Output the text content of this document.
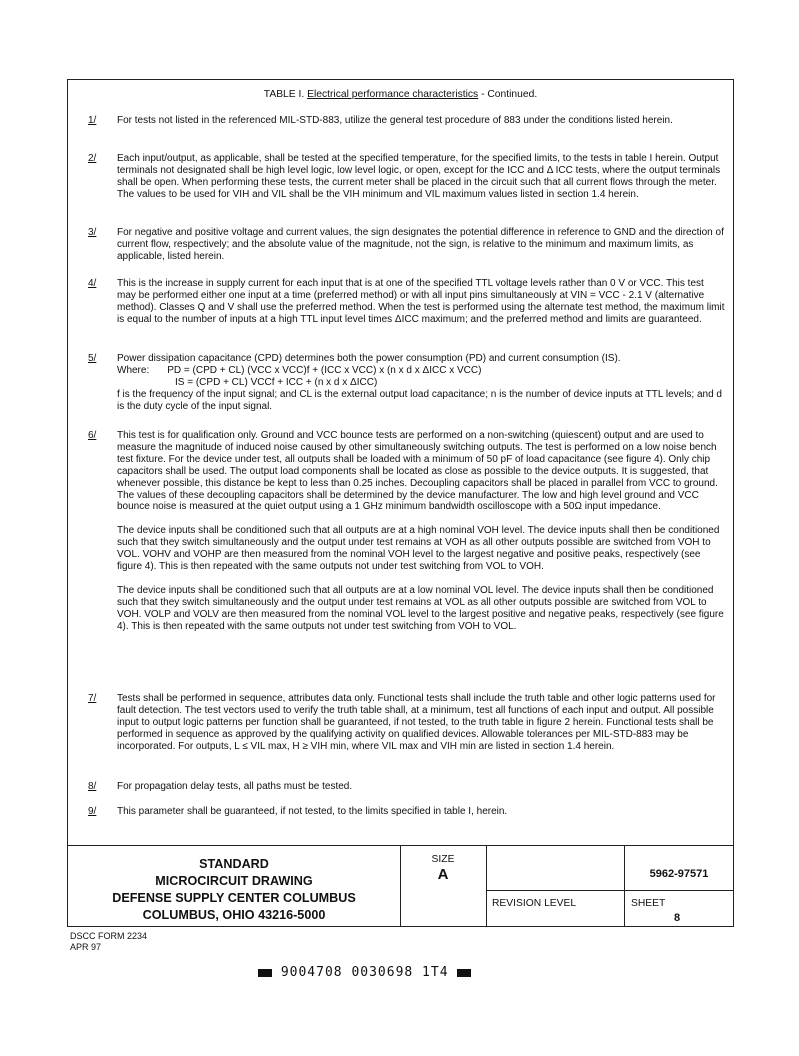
TABLE I. Electrical performance characteristics - Continued.
1/ For tests not listed in the referenced MIL-STD-883, utilize the general test procedure of 883 under the conditions listed herein.

2/ Each input/output, as applicable, shall be tested at the specified temperature, for the specified limits, to the tests in table I herein. Output terminals not designated shall be high level logic, low level logic, or open, except for the ICC and Δ ICC tests, where the output terminals shall be open. When performing these tests, the current meter shall be placed in the circuit such that all current flows through the meter. The values to be used for VIH and VIL shall be the VIH minimum and VIL maximum values listed in section 1.4 herein.

3/ For negative and positive voltage and current values, the sign designates the potential difference in reference to GND and the direction of current flow, respectively; and the absolute value of the magnitude, not the sign, is relative to the minimum and maximum limits, as applicable, listed herein.

4/ This is the increase in supply current for each input that is at one of the specified TTL voltage levels rather than 0 V or VCC. This test may be performed either one input at a time (preferred method) or with all input pins simultaneously at VIN = VCC - 2.1 V (alternative method). Classes Q and V shall use the preferred method. When the test is performed using the alternate test method, the maximum limit is equal to the number of inputs at a high TTL input level times ΔICC maximum; and the preferred method and limits are guaranteed.

5/ Power dissipation capacitance (CPD) determines both the power consumption (PD) and current consumption (IS).

Where: PD = (CPD + CL) (VCC x VCC)f + (ICC x VCC) x (n x d x ΔICC x VCC)

IS = (CPD + CL) VCCf + ICC + (n x d x ΔICC)

f is the frequency of the input signal; and CL is the external output load capacitance; n is the number of device inputs at TTL levels; and d is the duty cycle of the input signal.

6/ This test is for qualification only. Ground and VCC bounce tests are performed on a non-switching (quiescent) output and are used to measure the magnitude of induced noise caused by other simultaneously switching outputs. The test is performed on a low noise bench test fixture. For the device under test, all outputs shall be loaded with a minimum of 50 pF of load capacitance (see figure 4). Only chip capacitors shall be used. The output load components shall be located as close as possible to the device outputs. It is suggested, that whenever possible, this distance be kept to less than 0.25 inches. Decoupling capacitors shall be placed in parallel from VCC to ground. The values of these decoupling capacitors shall be determined by the device manufacturer. The low and high level ground and VCC bounce noise is measured at the quiet output using a 1 GHz minimum bandwidth oscilloscope with a 50Ω input impedance.

The device inputs shall be conditioned such that all outputs are at a high nominal VOH level. The device inputs shall then be conditioned such that they switch simultaneously and the output under test remains at VOH as all other outputs possible are switched from VOH to VOL. VOHV and VOHP are then measured from the nominal VOH level to the largest negative and positive peaks, respectively (see figure 4). This is then repeated with the same outputs not under test switching from VOL to VOH.

The device inputs shall be conditioned such that all outputs are at a low nominal VOL level. The device inputs shall then be conditioned such that they switch simultaneously and the output under test remains at VOL as all other outputs possible are switched from VOL to VOH. VOLP and VOLV are then measured from the nominal VOL level to the largest positive and negative peaks, respectively (see figure 4). This is then repeated with the same outputs not under test switching from VOH to VOL.

7/ Tests shall be performed in sequence, attributes data only. Functional tests shall include the truth table and other logic patterns used for fault detection. The test vectors used to verify the truth table shall, at a minimum, test all functions of each input and output. All possible input to output logic patterns per function shall be guaranteed, if not tested, to the truth table in figure 2 herein. Functional tests shall be performed in sequence as approved by the qualifying activity on qualified devices. Allowable tolerances per MIL-STD-883 may be incorporated. For outputs, L ≤ VIL max, H ≥ VIH min, where VIL max and VIH min are listed in section 1.4 herein.

8/ For propagation delay tests, all paths must be tested.

9/ This parameter shall be guaranteed, if not tested, to the limits specified in table I, herein.

STANDARD
MICROCIRCUIT DRAWING
DEFENSE SUPPLY CENTER COLUMBUS
COLUMBUS, OHIO 43216-5000
SIZE
A	5962-97571
REVISION LEVEL	SHEET
8
DSCC FORM 2234
APR 97
9004708 0030698 1T4
